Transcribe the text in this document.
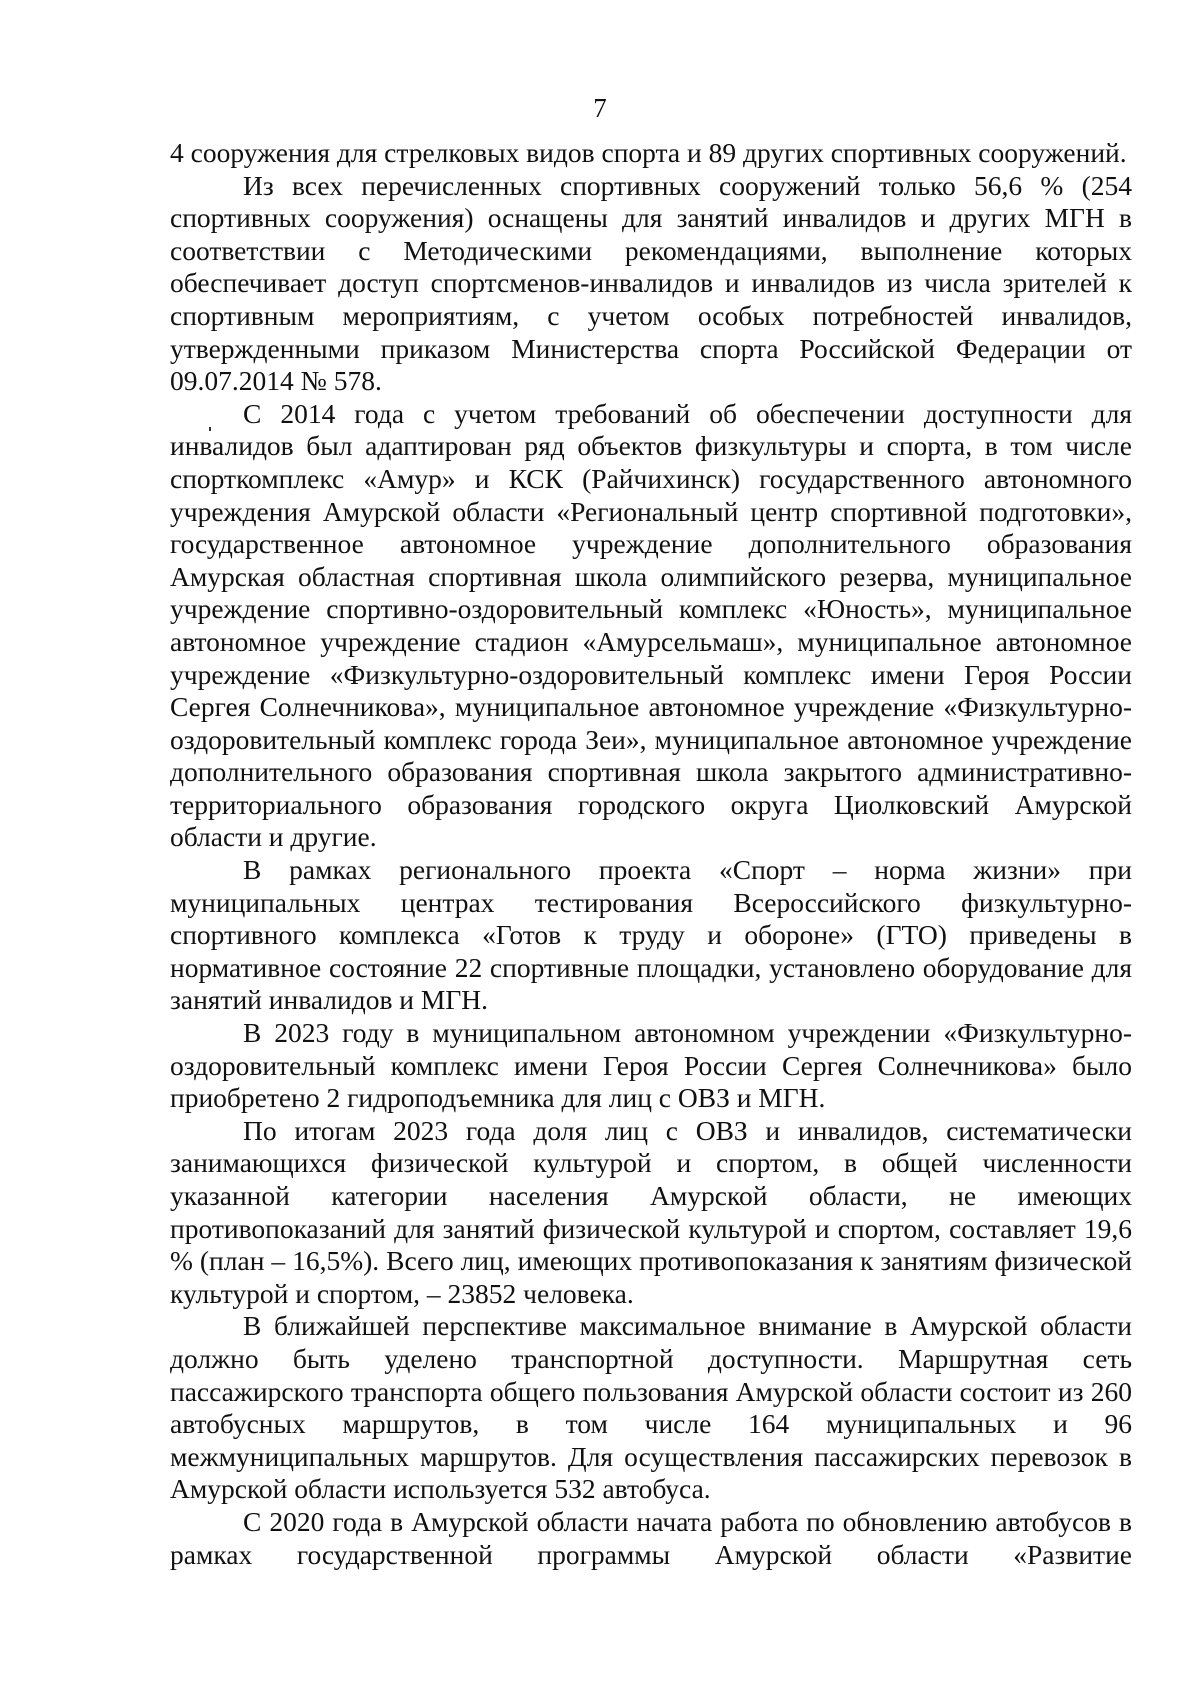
7

4 сооружения для стрелковых видов спорта и 89 других спортивных сооружений.

Из всех перечисленных спортивных сооружений только 56,6 % (254 спортивных сооружения) оснащены для занятий инвалидов и других МГН в соответствии с Методическими рекомендациями, выполнение которых обеспечивает доступ спортсменов-инвалидов и инвалидов из числа зрителей к спортивным мероприятиям, с учетом особых потребностей инвалидов, утвержденными приказом Министерства спорта Российской Федерации от 09.07.2014 № 578.

С 2014 года с учетом требований об обеспечении доступности для инвалидов был адаптирован ряд объектов физкультуры и спорта, в том числе спорткомплекс «Амур» и КСК (Райчихинск) государственного автономного учреждения Амурской области «Региональный центр спортивной подготовки», государственное автономное учреждение дополнительного образования Амурская областная спортивная школа олимпийского резерва, муниципальное учреждение спортивно-оздоровительный комплекс «Юность», муниципальное автономное учреждение стадион «Амурсельмаш», муниципальное автономное учреждение «Физкультурно-оздоровительный комплекс имени Героя России Сергея Солнечникова», муниципальное автономное учреждение «Физкультурно-оздоровительный комплекс города Зеи», муниципальное автономное учреждение дополнительного образования спортивная школа закрытого административно-территориального образования городского округа Циолковский Амурской области и другие.

В рамках регионального проекта «Спорт – норма жизни» при муниципальных центрах тестирования Всероссийского физкультурно-спортивного комплекса «Готов к труду и обороне» (ГТО) приведены в нормативное состояние 22 спортивные площадки, установлено оборудование для занятий инвалидов и МГН.

В 2023 году в муниципальном автономном учреждении «Физкультурно-оздоровительный комплекс имени Героя России Сергея Солнечникова» было приобретено 2 гидроподъемника для лиц с ОВЗ и МГН.

По итогам 2023 года доля лиц с ОВЗ и инвалидов, систематически занимающихся физической культурой и спортом, в общей численности указанной категории населения Амурской области, не имеющих противопоказаний для занятий физической культурой и спортом, составляет 19,6 % (план – 16,5%). Всего лиц, имеющих противопоказания к занятиям физической культурой и спортом, – 23852 человека.

В ближайшей перспективе максимальное внимание в Амурской области должно быть уделено транспортной доступности. Маршрутная сеть пассажирского транспорта общего пользования Амурской области состоит из 260 автобусных маршрутов, в том числе 164 муниципальных и 96 межмуниципальных маршрутов. Для осуществления пассажирских перевозок в Амурской области используется 532 автобуса.

С 2020 года в Амурской области начата работа по обновлению автобусов в рамках государственной программы Амурской области «Развитие
